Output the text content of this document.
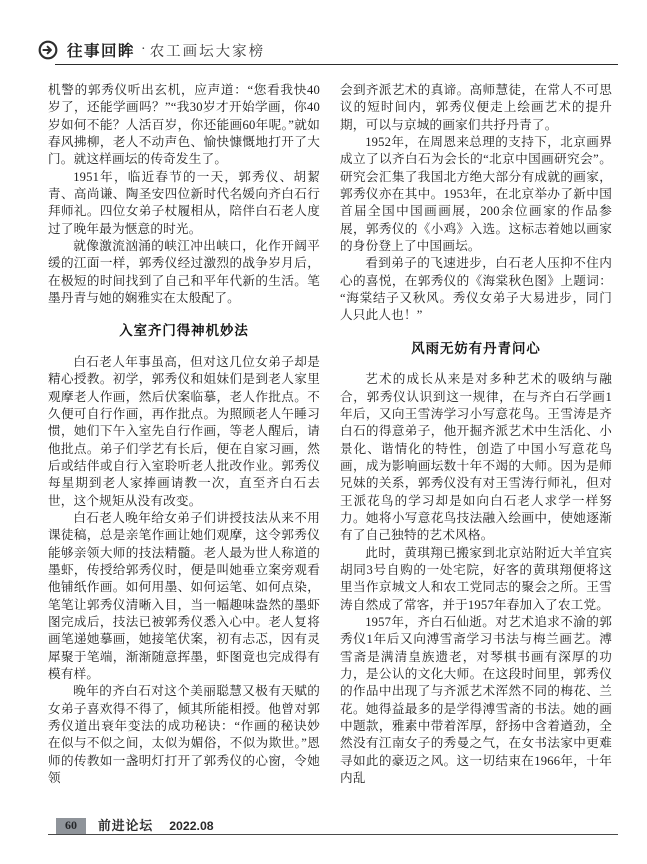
往事回眸 · 农工画坛大家榜

机警的郭秀仪听出玄机，应声道：“您看我快40岁了，还能学画吗？”“我30岁才开始学画，你40岁如何不能？人活百岁，你还能画60年呢。”就如春风拂柳，老人不动声色、愉快慷慨地打开了大门。就这样画坛的传奇发生了。

1951年，临近春节的一天，郭秀仪、胡絜青、高尚谦、陶圣安四位新时代名媛向齐白石行拜师礼。四位女弟子杖履相从，陪伴白石老人度过了晚年最为惬意的时光。

就像激流汹涌的峡江冲出峡口，化作开阔平缓的江面一样，郭秀仪经过激烈的战争岁月后，在极短的时间找到了自己和平年代新的生活。笔墨丹青与她的娴雅实在太般配了。

入室齐门得神机妙法

白石老人年事虽高，但对这几位女弟子却是精心授教。初学，郭秀仪和姐妹们是到老人家里观摩老人作画，然后伏案临摹，老人作批点。不久便可自行作画，再作批点。为照顾老人午睡习惯，她们下午入室先自行作画，等老人醒后，请他批点。弟子们学艺有长后，便在自家习画，然后或结伴或自行入室聆听老人批改作业。郭秀仪每星期到老人家捧画请教一次，直至齐白石去世，这个规矩从没有改变。

白石老人晚年给女弟子们讲授技法从来不用课徒稿，总是亲笔作画让她们观摩，这令郭秀仪能够亲领大师的技法精髓。老人最为世人称道的墨虾，传授给郭秀仪时，便是叫她垂立案旁观看他铺纸作画。如何用墨、如何运笔、如何点染，笔笔让郭秀仪清晰入目，当一幅趣味盎然的墨虾图完成后，技法已被郭秀仪悉入心中。老人复将画笔递她摹画，她接笔伏案，初有忐忑，因有灵犀聚于笔端，渐渐随意挥墨，虾图竟也完成得有模有样。

晚年的齐白石对这个美丽聪慧又极有天赋的女弟子喜欢得不得了，倾其所能相授。他曾对郭秀仪道出衰年变法的成功秘诀：“作画的秘诀妙在似与不似之间，太似为媚俗，不似为欺世。”恩师的传教如一盏明灯打开了郭秀仪的心窗，令她领

会到齐派艺术的真谛。高师慧徒，在常人不可思议的短时间内，郭秀仪便走上绘画艺术的提升期，可以与京城的画家们共抒丹青了。

1952年，在周恩来总理的支持下，北京画界成立了以齐白石为会长的“北京中国画研究会”。研究会汇集了我国北方绝大部分有成就的画家，郭秀仪亦在其中。1953年，在北京举办了新中国首届全国中国画画展，200余位画家的作品参展，郭秀仪的《小鸡》入选。这标志着她以画家的身份登上了中国画坛。

看到弟子的飞速进步，白石老人压抑不住内心的喜悦，在郭秀仪的《海棠秋色图》上题词：“海棠结子又秋风。秀仪女弟子大易进步，同门人只此人也！”

风雨无妨有丹青问心

艺术的成长从来是对多种艺术的吸纳与融合，郭秀仪认识到这一规律，在与齐白石学画1年后，又向王雪涛学习小写意花鸟。王雪涛是齐白石的得意弟子，他开掘齐派艺术中生活化、小景化、谐情化的特性，创造了中国小写意花鸟画，成为影响画坛数十年不竭的大师。因为是师兄妹的关系，郭秀仪没有对王雪涛行师礼，但对王派花鸟的学习却是如向白石老人求学一样努力。她将小写意花鸟技法融入绘画中，使她逐渐有了自己独特的艺术风格。

此时，黄琪翔已搬家到北京站附近大羊宜宾胡同3号自购的一处宅院，好客的黄琪翔便将这里当作京城文人和农工党同志的聚会之所。王雪涛自然成了常客，并于1957年春加入了农工党。

1957年，齐白石仙逝。对艺术追求不渝的郭秀仪1年后又向溥雪斋学习书法与梅兰画艺。溥雪斋是满清皇族遗老，对琴棋书画有深厚的功力，是公认的文化大师。在这段时间里，郭秀仪的作品中出现了与齐派艺术浑然不同的梅花、兰花。她得益最多的是学得溥雪斋的书法。她的画中题款，雅素中带着浑厚，舒扬中含着遒劲，全然没有江南女子的秀曼之气，在女书法家中更难寻如此的豪迈之风。这一切结束在1966年，十年内乱

60	前进论坛 2022.08
